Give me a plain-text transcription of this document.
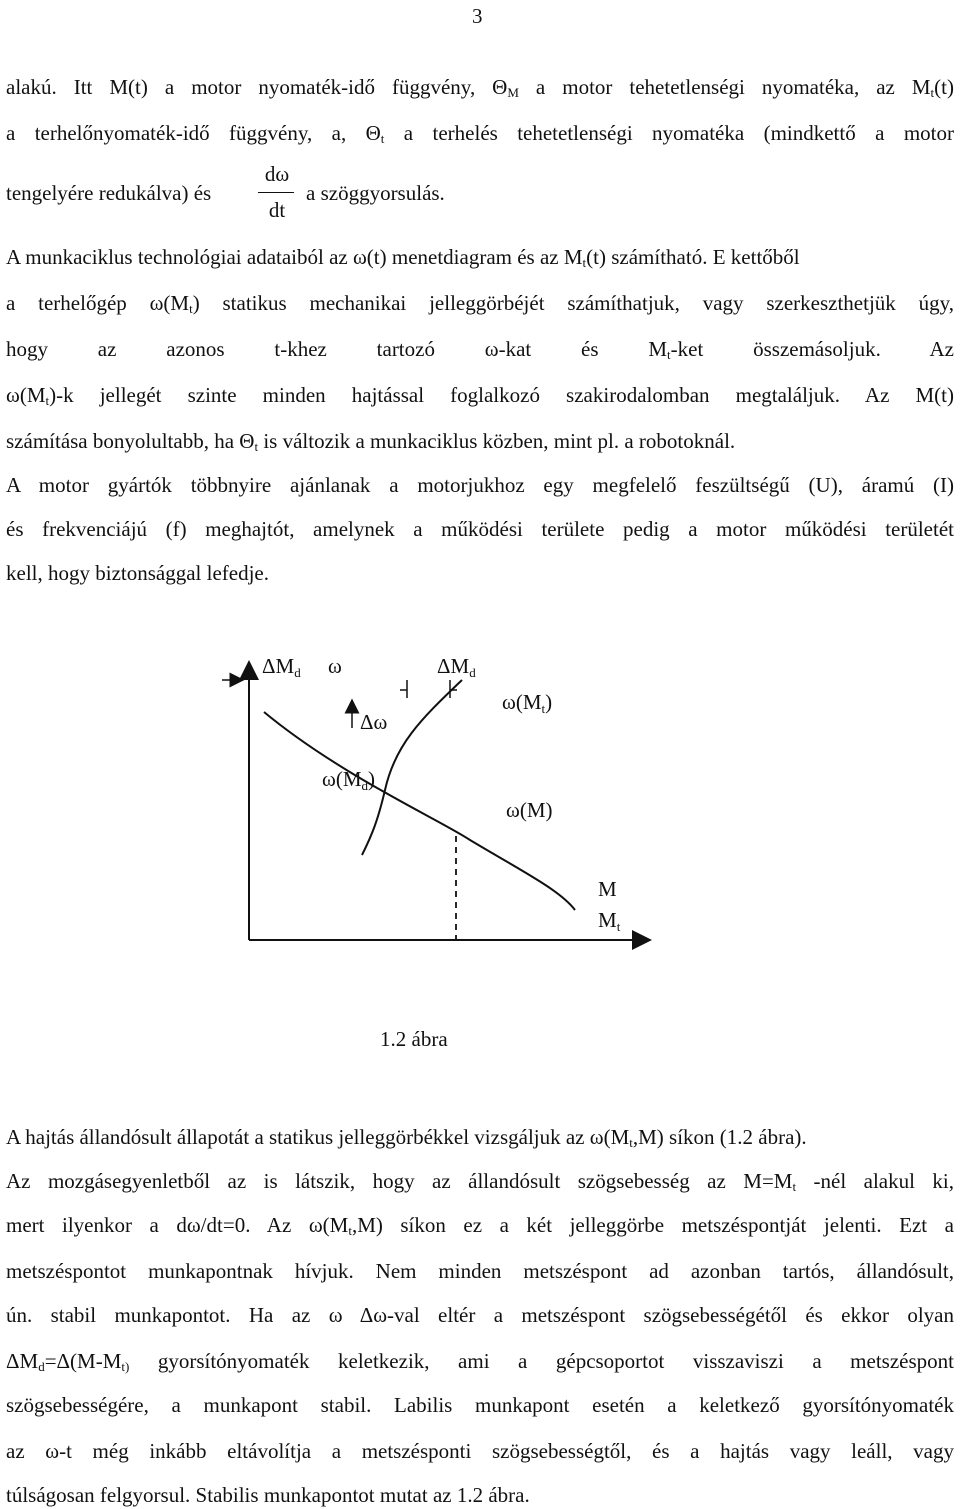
3
alakú. Itt M(t) a motor nyomaték-idő függvény, $\Theta_M$ a motor tehetetlenségi nyomatéka, az $M_t(t)$
a terhelőnyomaték-idő függvény, a, $\Theta_t$ a terhelés tehetetlenségi nyomatéka (mindkettő a motor
tengelyére redukálva) és
dω
dt
a szöggyorsulás.
A munkaciklus technológiai adataiból az ω(t) menetdiagram és az $M_t(t)$ számítható. E kettőből
a terhelőgép $\omega(M_t)$ statikus mechanikai jelleggörbéjét számíthatjuk, vagy szerkeszthetjük úgy,
hogy az azonos t-khez tartozó ω-kat és $M_t$-ket összemásoljuk. Az
$\omega(M_t)-k$ jellegét szinte minden hajtással foglalkozó szakirodalomban megtaláljuk. Az M(t)
számítása bonyolultabb, ha $\Theta_t$ is változik a munkaciklus közben, mint pl. a robotoknál.
A motor gyártók többnyire ajánlanak a motorjukhoz egy megfelelő feszültségű (U), áramú (I)
és frekvenciájú (f) meghajtót, amelynek a működési területe pedig a motor működési területét
kell, hogy biztonsággal lefedje.
ΔMd ω	ΔMd
ω(Mt)
Δω
ω(Md)
ω(M)
M
Mt
1.2 ábra
A hajtás állandósult állapotát a statikus jelleggörbékkel vizsgáljuk az $\omega(M_t,M)$ síkon (1.2 ábra).
Az mozgásegyenletből az is látszik, hogy az állandósult szögsebesség az $M=M_t$ -nél alakul ki,
mert ilyenkor a dω/dt=0. Az $\omega(M_t,M)$ síkon ez a két jelleggörbe metszéspontját jelenti. Ezt a
metszéspontot munkapontnak hívjuk. Nem minden metszéspont ad azonban tartós, állandósult,
ún. stabil munkapontot. Ha az ω Δω-val eltér a metszéspont szögsebességétől és ekkor olyan
$\Delta M_d=\Delta(M-M_{t)}$ gyorsítónyomaték keletkezik, ami a gépcsoportot visszaviszi a metszéspont
szögsebességére, a munkapont stabil. Labilis munkapont esetén a keletkező gyorsítónyomaték
az ω-t még inkább eltávolítja a metszésponti szögsebességtől, és a hajtás vagy leáll, vagy
túlságosan felgyorsul. Stabilis munkapontot mutat az 1.2 ábra.
